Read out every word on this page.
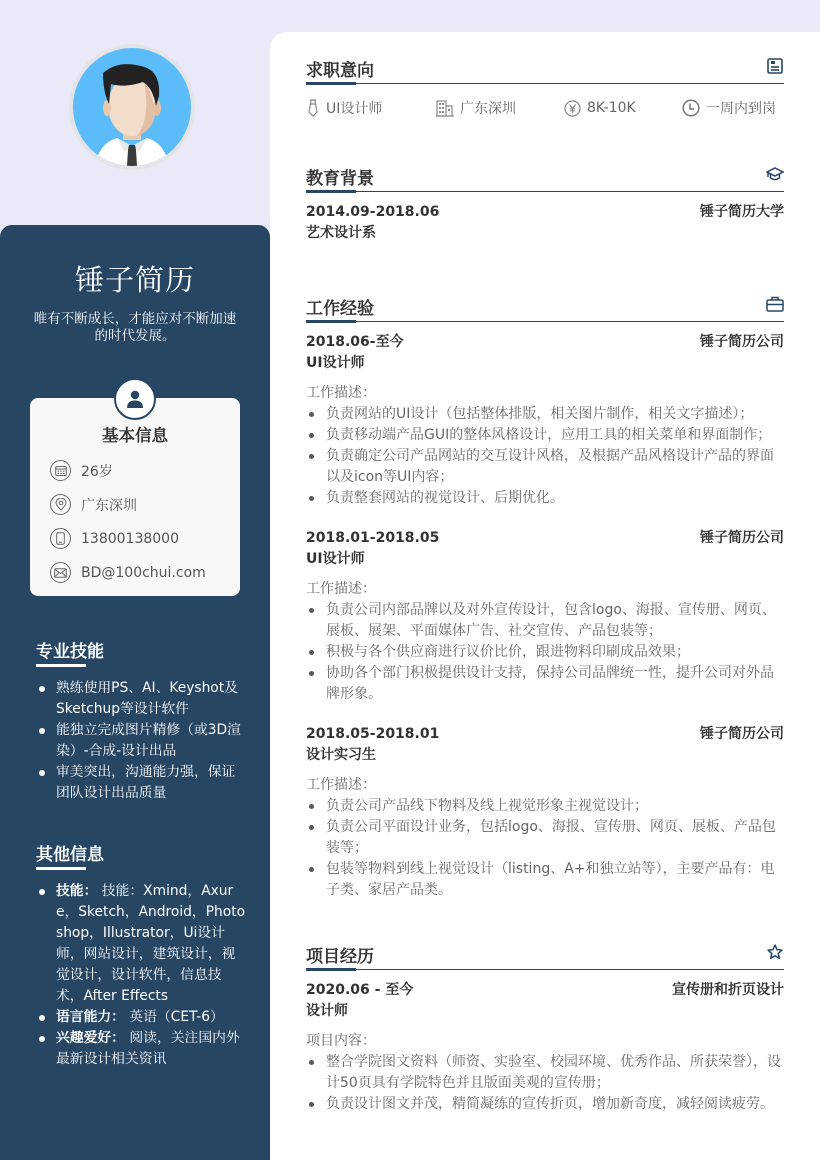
锤子简历
唯有不断成长，才能应对不断加速的时代发展。
基本信息
26岁
广东深圳
13800138000
BD@100chui.com
专业技能
熟练使用PS、AI、Keyshot及Sketchup等设计软件
能独立完成图片精修（或3D渲染）-合成-设计出品
审美突出，沟通能力强，保证团队设计出品质量
其他信息
技能： 技能：Xmind，Axure，Sketch，Android，Photoshop，Illustrator，Ui设计师，网站设计，建筑设计，视觉设计，设计软件，信息技术，After Effects
语言能力： 英语（CET-6）
兴趣爱好： 阅读，关注国内外最新设计相关资讯
求职意向
UI设计师	广东深圳	8K-10K	一周内到岗
教育背景
2014.09-2018.06	锤子简历大学
艺术设计系
工作经验
2018.06-至今	锤子简历公司
UI设计师
工作描述：
负责网站的UI设计（包括整体排版，相关图片制作，相关文字描述）；
负责移动端产品GUI的整体风格设计，应用工具的相关菜单和界面制作；
负责确定公司产品网站的交互设计风格，及根据产品风格设计产品的界面以及icon等UI内容；
负责整套网站的视觉设计、后期优化。
2018.01-2018.05	锤子简历公司
UI设计师
工作描述：
负责公司内部品牌以及对外宣传设计，包含logo、海报、宣传册、网页、展板、展架、平面媒体广告、社交宣传、产品包装等；
积极与各个供应商进行议价比价，跟进物料印刷成品效果；
协助各个部门积极提供设计支持，保持公司品牌统一性，提升公司对外品牌形象。
2018.05-2018.01	锤子简历公司
设计实习生
工作描述：
负责公司产品线下物料及线上视觉形象主视觉设计；
负责公司平面设计业务，包括logo、海报、宣传册、网页、展板、产品包装等；
包装等物料到线上视觉设计（listing、A+和独立站等），主要产品有：电子类、家居产品类。
项目经历
2020.06 - 至今	宣传册和折页设计
设计师
项目内容：
整合学院图文资料（师资、实验室、校园环境、优秀作品、所获荣誉），设计50页具有学院特色并且版面美观的宣传册；
负责设计图文并茂，精简凝练的宣传折页，增加新奇度，减轻阅读疲劳。
